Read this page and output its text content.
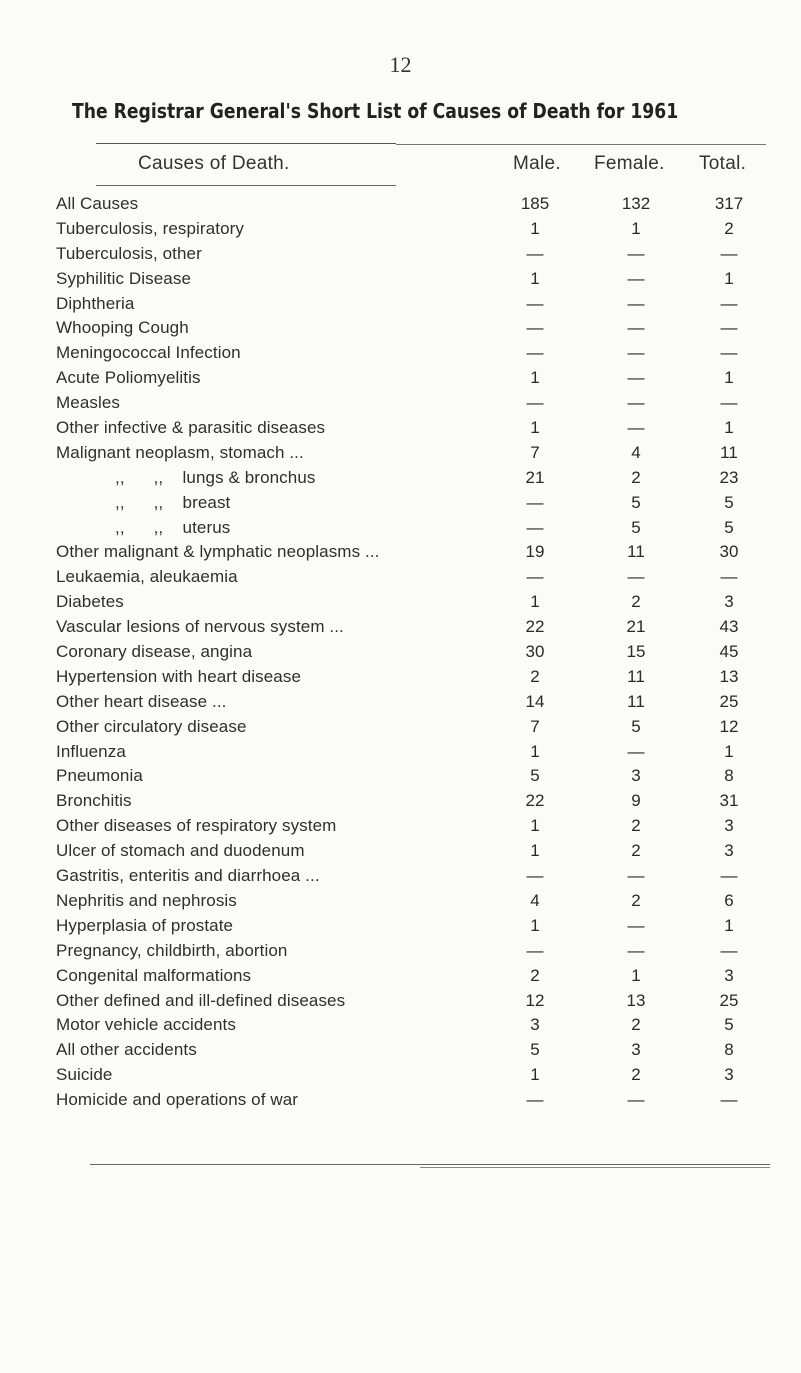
12
The Registrar General's Short List of Causes of Death for 1961
Causes of Death.	Male. Female. Total.
All Causes	185	132	317
Tuberculosis, respiratory	1	1	2
Tuberculosis, other	—	—	—
Syphilitic Disease	1	—	1
Diphtheria	—	—	—
Whooping Cough	—	—	—
Meningococcal Infection	—	—	—
Acute Poliomyelitis	1	—	1
Measles	—	—	—
Other infective & parasitic diseases	1	—	1
Malignant neoplasm, stomach ...	7	4	11
,,      ,,    lungs & bronchus	21	2	23
,,      ,,    breast	—	5	5
,,      ,,    uterus	—	5	5
Other malignant & lymphatic neoplasms ...	19	11	30
Leukaemia, aleukaemia	—	—	—
Diabetes	1	2	3
Vascular lesions of nervous system ...	22	21	43
Coronary disease, angina	30	15	45
Hypertension with heart disease	2	11	13
Other heart disease ...	14	11	25
Other circulatory disease	7	5	12
Influenza	1	—	1
Pneumonia	5	3	8
Bronchitis	22	9	31
Other diseases of respiratory system	1	2	3
Ulcer of stomach and duodenum	1	2	3
Gastritis, enteritis and diarrhoea ...	—	—	—
Nephritis and nephrosis	4	2	6
Hyperplasia of prostate	1	—	1
Pregnancy, childbirth, abortion	—	—	—
Congenital malformations	2	1	3
Other defined and ill-defined diseases	12	13	25
Motor vehicle accidents	3	2	5
All other accidents	5	3	8
Suicide	1	2	3
Homicide and operations of war	—	—	—
